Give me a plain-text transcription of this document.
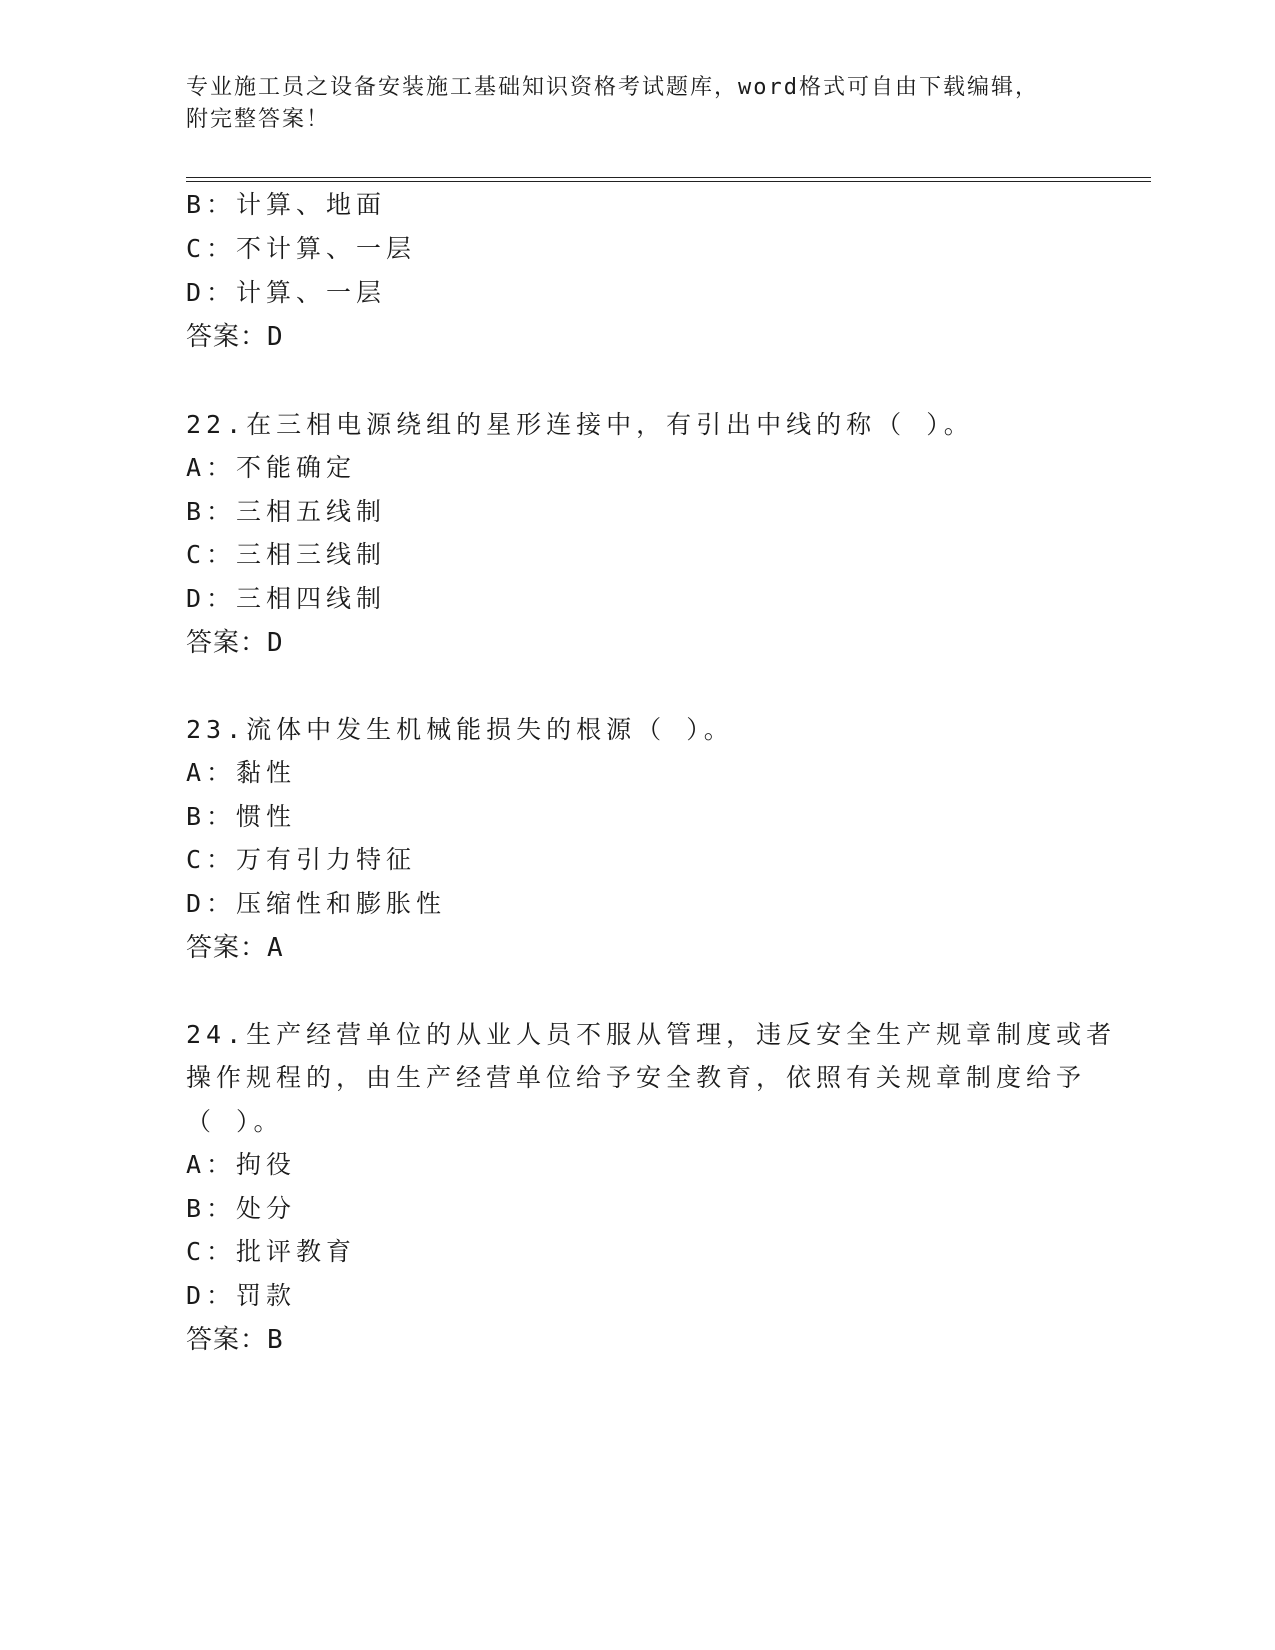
专业施工员之设备安装施工基础知识资格考试题库，word格式可自由下载编辑，
附完整答案！
B：计算、地面
C：不计算、一层
D：计算、一层
答案：D
22.在三相电源绕组的星形连接中，有引出中线的称（ ）。
A：不能确定
B：三相五线制
C：三相三线制
D：三相四线制
答案：D
23.流体中发生机械能损失的根源（ ）。
A：黏性
B：惯性
C：万有引力特征
D：压缩性和膨胀性
答案：A
24.生产经营单位的从业人员不服从管理，违反安全生产规章制度或者
操作规程的，由生产经营单位给予安全教育，依照有关规章制度给予
（ ）。
A：拘役
B：处分
C：批评教育
D：罚款
答案：B
